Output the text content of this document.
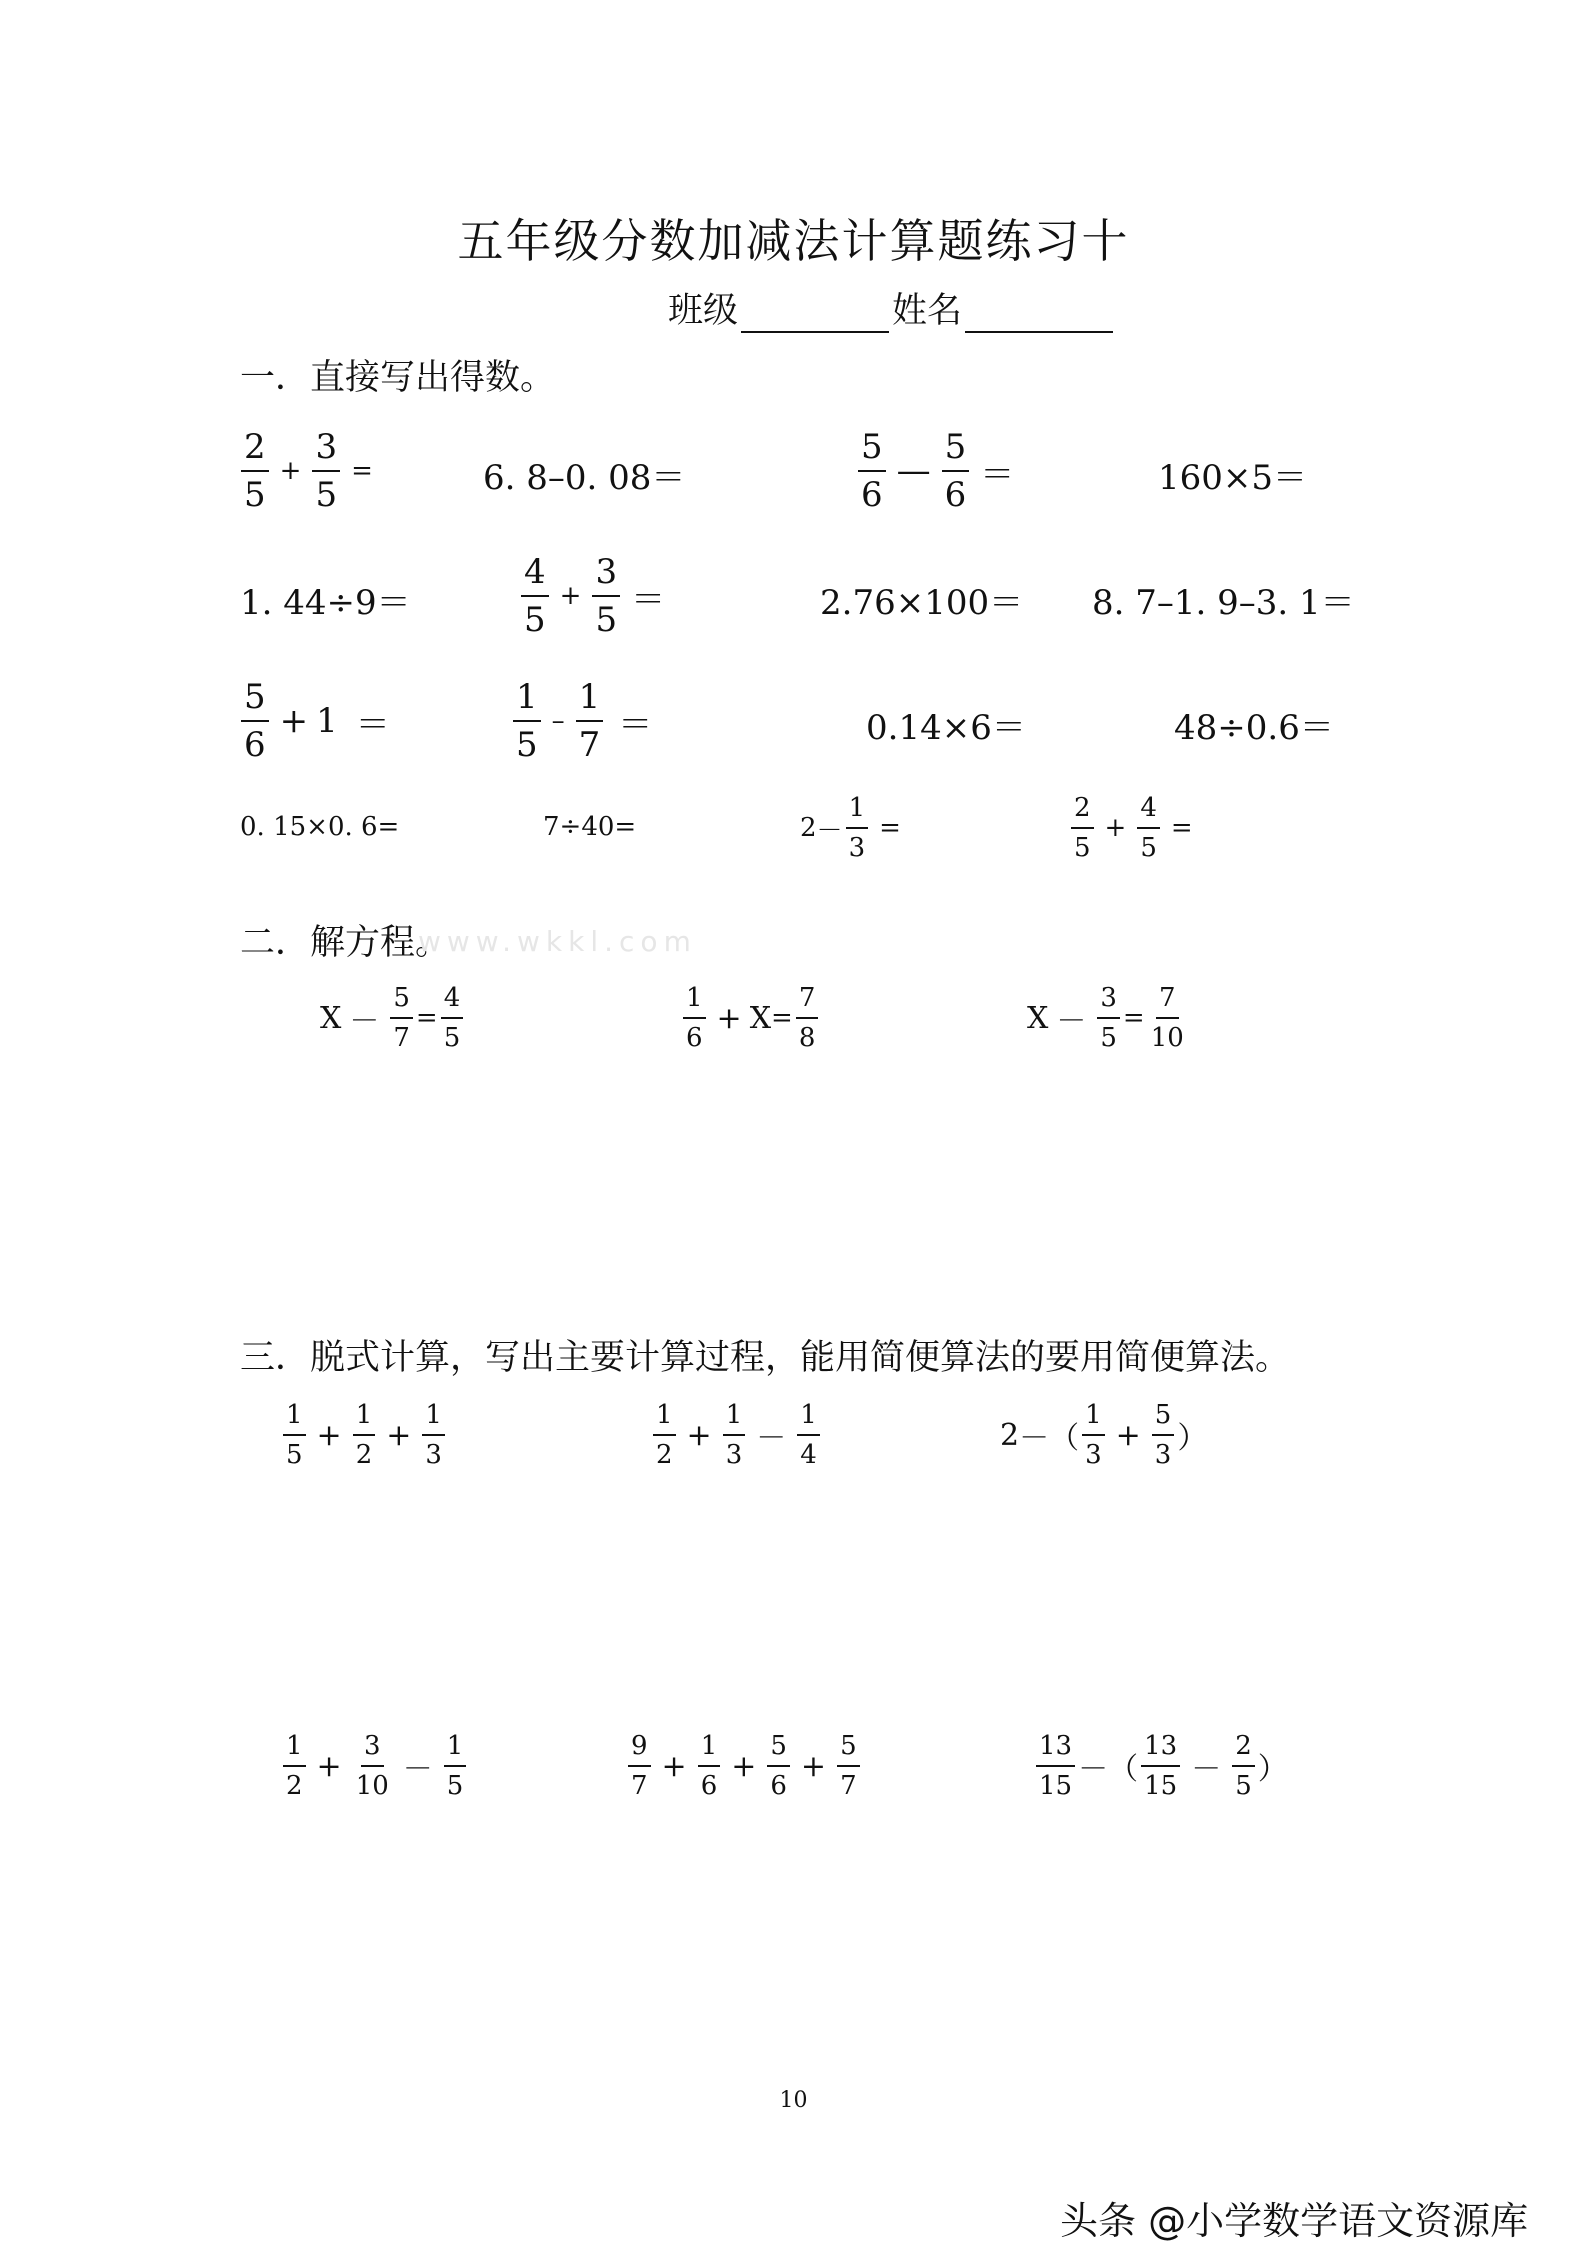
五年级分数加减法计算题练习十
班级	姓名
一．直接写出得数。
$\frac{2}{5} + \frac{3}{5}$ =	6. 8–0. 08＝	$\frac{5}{6}$ — $\frac{5}{6}$ ＝	160×5＝
1. 44÷9＝	$\frac{4}{5} + \frac{3}{5}$ ＝	2.76×100＝ 8. 7–1. 9–3. 1＝
$\frac{5}{6} + 1$ ＝	$\frac{1}{5} - \frac{1}{7}$ ＝	0.14×6＝	48÷0.6＝
0. 15×0. 6=	7÷40=	$2 - \frac{1}{3}$ =	$\frac{2}{5} + \frac{4}{5}$ =
二．解方程。
www.wkkl.com
$X - \frac{5}{7} = \frac{4}{5}$	$\frac{1}{6} + X = \frac{7}{8}$	$X - \frac{3}{5} = \frac{7}{10}$
三．脱式计算，写出主要计算过程，能用简便算法的要用简便算法。
$\frac{1}{5} + \frac{1}{2} + \frac{1}{3}$	$\frac{1}{2} + \frac{1}{3} - \frac{1}{4}$	2 － （ $\frac{1}{3} + \frac{5}{3}$ ）
$\frac{1}{2} + \frac{3}{10} - \frac{1}{5}$	$\frac{9}{7} + \frac{1}{6} + \frac{5}{6} + \frac{5}{7}$	$\frac{13}{15}$ － （ $\frac{13}{15} - \frac{2}{5}$ ）
10
头条 @小学数学语文资源库
